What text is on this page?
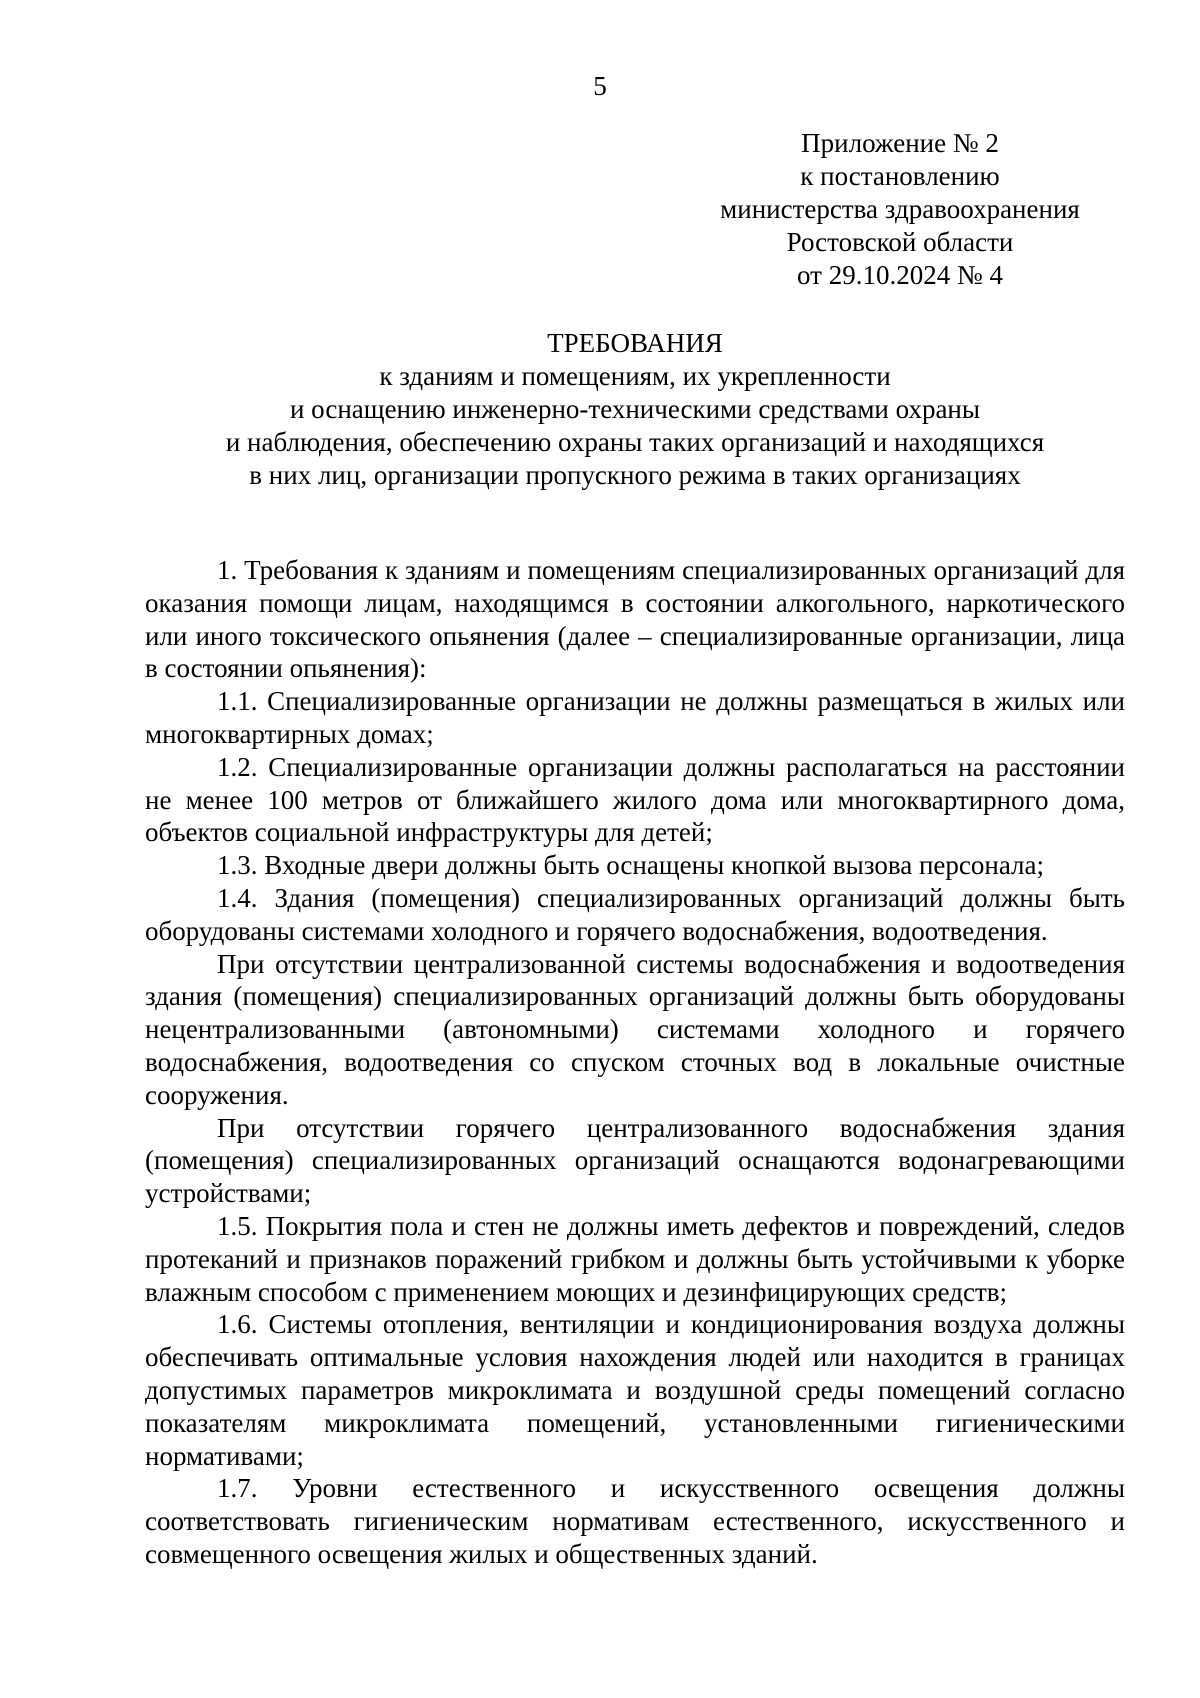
5
Приложение № 2
к постановлению
министерства здравоохранения
Ростовской области
от 29.10.2024 № 4
ТРЕБОВАНИЯ
к зданиям и помещениям, их укрепленности
и оснащению инженерно-техническими средствами охраны
и наблюдения, обеспечению охраны таких организаций и находящихся
в них лиц, организации пропускного режима в таких организациях

1. Требования к зданиям и помещениям специализированных организаций для оказания помощи лицам, находящимся в состоянии алкогольного, наркотического или иного токсического опьянения (далее – специализированные организации, лица в состоянии опьянения):

1.1. Специализированные организации не должны размещаться в жилых или многоквартирных домах;

1.2. Специализированные организации должны располагаться на расстоянии не менее 100 метров от ближайшего жилого дома или многоквартирного дома, объектов социальной инфраструктуры для детей;

1.3. Входные двери должны быть оснащены кнопкой вызова персонала;

1.4. Здания (помещения) специализированных организаций должны быть оборудованы системами холодного и горячего водоснабжения, водоотведения.

При отсутствии централизованной системы водоснабжения и водоотведения здания (помещения) специализированных организаций должны быть оборудованы нецентрализованными (автономными) системами холодного и горячего водоснабжения, водоотведения со спуском сточных вод в локальные очистные сооружения.

При отсутствии горячего централизованного водоснабжения здания (помещения) специализированных организаций оснащаются водонагревающими устройствами;

1.5. Покрытия пола и стен не должны иметь дефектов и повреждений, следов протеканий и признаков поражений грибком и должны быть устойчивыми к уборке влажным способом с применением моющих и дезинфицирующих средств;

1.6. Системы отопления, вентиляции и кондиционирования воздуха должны обеспечивать оптимальные условия нахождения людей или находится в границах допустимых параметров микроклимата и воздушной среды помещений согласно показателям микроклимата помещений, установленными гигиеническими нормативами;

1.7. Уровни естественного и искусственного освещения должны соответствовать гигиеническим нормативам естественного, искусственного и совмещенного освещения жилых и общественных зданий.
